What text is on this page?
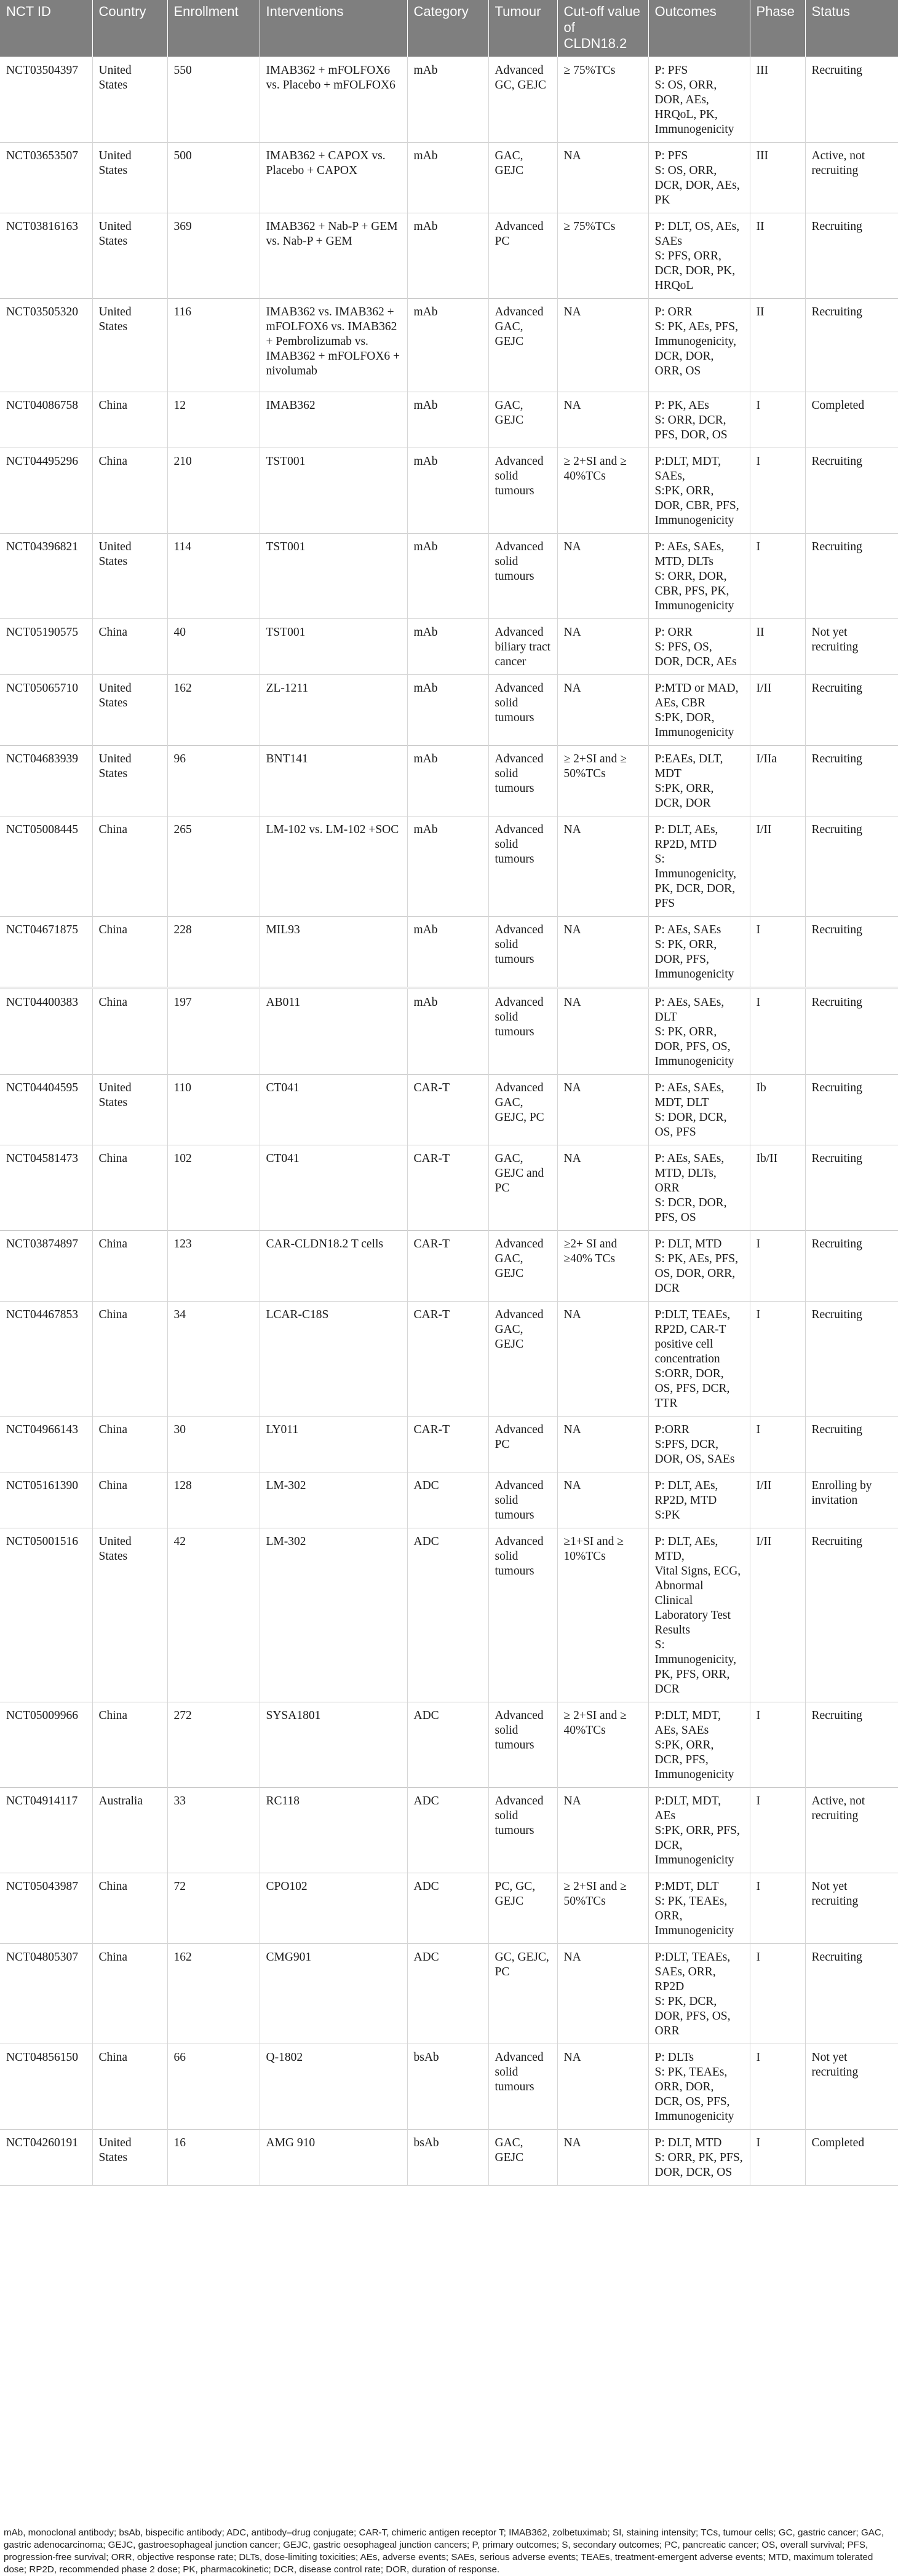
NCT ID	Country	Enrollment	Interventions	Category	Tumour	Cut-off value of CLDN18.2	Outcomes	Phase	Status
NCT03504397	United States	550	IMAB362 + mFOLFOX6 vs. Placebo + mFOLFOX6	mAb	Advanced GC, GEJC	≥ 75%TCs	P: PFS
S: OS, ORR, DOR, AEs, HRQoL, PK, Immunogenicity	III	Recruiting
NCT03653507	United States	500	IMAB362 + CAPOX vs. Placebo + CAPOX	mAb	GAC, GEJC	NA	P: PFS
S: OS, ORR, DCR, DOR, AEs, PK	III	Active, not recruiting
NCT03816163	United States	369	IMAB362 + Nab-P + GEM vs. Nab-P + GEM	mAb	Advanced PC	≥ 75%TCs	P: DLT, OS, AEs, SAEs
S: PFS, ORR, DCR, DOR, PK, HRQoL	II	Recruiting
NCT03505320	United States	116	IMAB362 vs. IMAB362 + mFOLFOX6 vs. IMAB362 + Pembrolizumab vs. IMAB362 + mFOLFOX6 + nivolumab	mAb	Advanced GAC, GEJC	NA	P: ORR
S: PK, AEs, PFS, Immunogenicity, DCR, DOR, ORR, OS	II	Recruiting
NCT04086758	China	12	IMAB362	mAb	GAC, GEJC	NA	P: PK, AEs
S: ORR, DCR, PFS, DOR, OS	I	Completed
NCT04495296	China	210	TST001	mAb	Advanced solid tumours	≥ 2+SI and ≥ 40%TCs	P:DLT, MDT, SAEs,
S:PK, ORR, DOR, CBR, PFS, Immunogenicity	I	Recruiting
NCT04396821	United States	114	TST001	mAb	Advanced solid tumours	NA	P: AEs, SAEs, MTD, DLTs
S: ORR, DOR, CBR, PFS, PK, Immunogenicity	I	Recruiting
NCT05190575	China	40	TST001	mAb	Advanced biliary tract cancer	NA	P: ORR
S: PFS, OS, DOR, DCR, AEs	II	Not yet recruiting
NCT05065710	United States	162	ZL-1211	mAb	Advanced solid tumours	NA	P:MTD or MAD, AEs, CBR
S:PK, DOR, Immunogenicity	I/II	Recruiting
NCT04683939	United States	96	BNT141	mAb	Advanced solid tumours	≥ 2+SI and ≥ 50%TCs	P:EAEs, DLT, MDT
S:PK, ORR, DCR, DOR	I/IIa	Recruiting
NCT05008445	China	265	LM-102 vs. LM-102 +SOC	mAb	Advanced solid tumours	NA	P: DLT, AEs, RP2D, MTD
S: Immunogenicity, PK, DCR, DOR, PFS	I/II	Recruiting
NCT04671875	China	228	MIL93	mAb	Advanced solid tumours	NA	P: AEs, SAEs
S: PK, ORR, DOR, PFS, Immunogenicity	I	Recruiting
NCT04400383	China	197	AB011	mAb	Advanced solid tumours	NA	P: AEs, SAEs, DLT
S: PK, ORR, DOR, PFS, OS, Immunogenicity	I	Recruiting
NCT04404595	United States	110	CT041	CAR-T	Advanced GAC, GEJC, PC	NA	P: AEs, SAEs, MDT, DLT
S: DOR, DCR, OS, PFS	Ib	Recruiting
NCT04581473	China	102	CT041	CAR-T	GAC, GEJC and PC	NA	P: AEs, SAEs, MTD, DLTs, ORR
S: DCR, DOR, PFS, OS	Ib/II	Recruiting
NCT03874897	China	123	CAR-CLDN18.2 T cells	CAR-T	Advanced GAC, GEJC	≥2+ SI and ≥40% TCs	P: DLT, MTD
S: PK, AEs, PFS, OS, DOR, ORR, DCR	I	Recruiting
NCT04467853	China	34	LCAR-C18S	CAR-T	Advanced GAC, GEJC	NA	P:DLT, TEAEs, RP2D, CAR-T positive cell concentration
S:ORR, DOR, OS, PFS, DCR, TTR	I	Recruiting
NCT04966143	China	30	LY011	CAR-T	Advanced PC	NA	P:ORR
S:PFS, DCR, DOR, OS, SAEs	I	Recruiting
NCT05161390	China	128	LM-302	ADC	Advanced solid tumours	NA	P: DLT, AEs, RP2D, MTD
S:PK	I/II	Enrolling by invitation
NCT05001516	United States	42	LM-302	ADC	Advanced solid tumours	≥1+SI and ≥ 10%TCs	P: DLT, AEs, MTD,
Vital Signs, ECG, Abnormal Clinical Laboratory Test Results
S: Immunogenicity, PK, PFS, ORR, DCR	I/II	Recruiting
NCT05009966	China	272	SYSA1801	ADC	Advanced solid tumours	≥ 2+SI and ≥ 40%TCs	P:DLT, MDT, AEs, SAEs
S:PK, ORR, DCR, PFS, Immunogenicity	I	Recruiting
NCT04914117	Australia	33	RC118	ADC	Advanced solid tumours	NA	P:DLT, MDT, AEs
S:PK, ORR, PFS, DCR, Immunogenicity	I	Active, not recruiting
NCT05043987	China	72	CPO102	ADC	PC, GC, GEJC	≥ 2+SI and ≥ 50%TCs	P:MDT, DLT
S: PK, TEAEs, ORR, Immunogenicity	I	Not yet recruiting
NCT04805307	China	162	CMG901	ADC	GC, GEJC, PC	NA	P:DLT, TEAEs, SAEs, ORR, RP2D
S: PK, DCR, DOR, PFS, OS, ORR	I	Recruiting
NCT04856150	China	66	Q-1802	bsAb	Advanced solid tumours	NA	P: DLTs
S: PK, TEAEs, ORR, DOR, DCR, OS, PFS, Immunogenicity	I	Not yet recruiting
NCT04260191	United States	16	AMG 910	bsAb	GAC, GEJC	NA	P: DLT, MTD
S: ORR, PK, PFS, DOR, DCR, OS	I	Completed
mAb, monoclonal antibody; bsAb, bispecific antibody; ADC, antibody–drug conjugate; CAR-T, chimeric antigen receptor T; IMAB362, zolbetuximab; SI, staining intensity; TCs, tumour cells; GC, gastric cancer; GAC, gastric adenocarcinoma; GEJC, gastroesophageal junction cancer; GEJC, gastric oesophageal junction cancers; P, primary outcomes; S, secondary outcomes; PC, pancreatic cancer; OS, overall survival; PFS, progression-free survival; ORR, objective response rate; DLTs, dose-limiting toxicities; AEs, adverse events; SAEs, serious adverse events; TEAEs, treatment-emergent adverse events; MTD, maximum tolerated dose; RP2D, recommended phase 2 dose; PK, pharmacokinetic; DCR, disease control rate; DOR, duration of response.
